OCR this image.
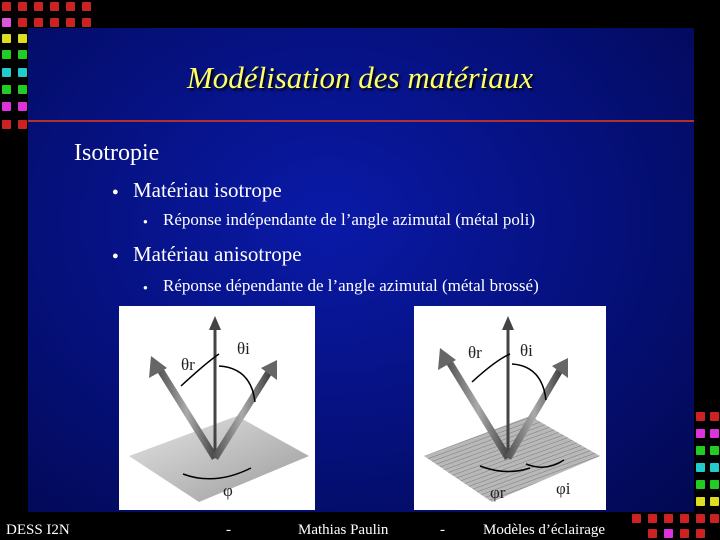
Modélisation des matériaux
Isotropie
● Matériau isotrope
● Réponse indépendante de l’angle azimutal (métal poli)
● Matériau anisotrope
● Réponse dépendante de l’angle azimutal (métal brossé)
θr
θi
φ
θr θi
φr	φi
DESS I2N	-	Mathias Paulin	-	Modèles d’éclairage
